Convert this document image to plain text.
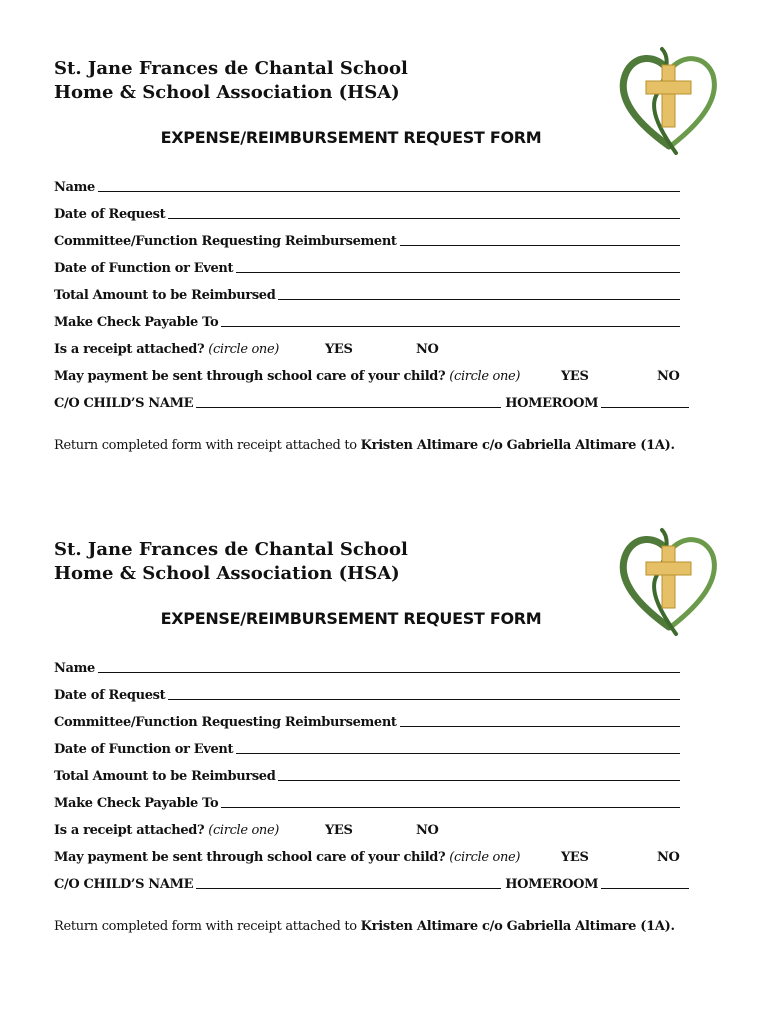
St. Jane Frances de Chantal School

Home & School Association (HSA)

EXPENSE/REIMBURSEMENT REQUEST FORM

Name
Date of Request
Committee/Function Requesting Reimbursement
Date of Function or Event
Total Amount to be Reimbursed
Make Check Payable To
Is a receipt attached? (circle one)	YES	NO
May payment be sent through school care of your child? (circle one)	YES	NO
C/O CHILD’S NAME	HOMEROOM
Return completed form with receipt attached to Kristen Altimare c/o Gabriella Altimare (1A).

St. Jane Frances de Chantal School

Home & School Association (HSA)

EXPENSE/REIMBURSEMENT REQUEST FORM

Name
Date of Request
Committee/Function Requesting Reimbursement
Date of Function or Event
Total Amount to be Reimbursed
Make Check Payable To
Is a receipt attached? (circle one)	YES	NO
May payment be sent through school care of your child? (circle one)	YES	NO
C/O CHILD’S NAME	HOMEROOM
Return completed form with receipt attached to Kristen Altimare c/o Gabriella Altimare (1A).
